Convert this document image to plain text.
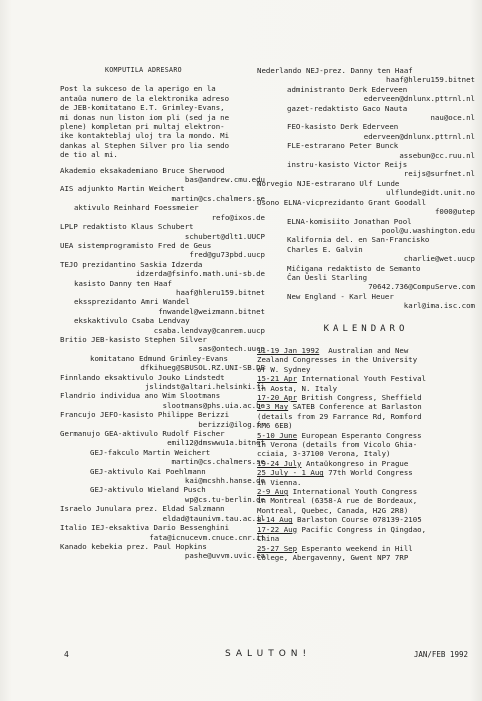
KOMPUTILA ADRESARO
Post la sukceso de la aperigo en la
antaŭa numero de la elektronika adreso
de JEB-komitatano E.T. Grimley-Evans,
mi donas nun liston iom pli (sed ja ne
plene) kompletan pri multaj elektron-
ike kontakteblaj uloj tra la mondo. Mi
dankas al Stephen Silver pro lia sendo
de tio al mi.
Akademio eksakademiano Bruce Sherwood
bas@andrew.cmu.edu
AIS adjunkto Martin Weichert
martin@cs.chalmers.se
aktivulo Reinhard Foessmeier
refo@ixos.de
LPLP redaktisto Klaus Schubert
schubert@dlt1.UUCP
UEA sistemprogramisto Fred de Geus
fred@gu73pbd.uucp
TEJO prezidantino Saskia Idzerda
idzerda@fsinfo.math.uni-sb.de
kasisto Danny ten Haaf
haaf@hleru159.bitnet
ekssprezidanto Amri Wandel
fnwandel@weizmann.bitnet
ekskaktivulo Csaba Lendvay
csaba.lendvay@canrem.uucp
Britio JEB-kasisto Stephen Silver
sas@ontech.uucp
komitatano Edmund Grimley-Evans
dfkihueg@SBUSOL.RZ.UNI-SB.DE
Finnlando eksaktivulo Jouko Lindstedt
jslindst@altari.helsinki.fi
Flandrio individua ano Wim Slootmans
slootmans@phs.uia.ac.be
Francujo JEFO-kasisto Philippe Berizzi
berizzi@ilog.fr
Germanujo GEA-aktivulo Rudolf Fischer
emil12@dmswwu1a.bitnet
GEJ-fakculo Martin Weichert
martin@cs.chalmers.se
GEJ-aktivulo Kai Poehlmann
kai@mcshh.hanse.de
GEJ-aktivulo Wieland Pusch
wp@cs.tu-berlin.de
Israelo Junulara prez. Eldad Salzmann
eldad@taunivm.tau.ac.il
Italio IEJ-eksaktiva Dario Bessenghini
fata@icnucevm.cnuce.cnr.it
Kanado kebekia prez. Paul Hopkins
pashe@uvvm.uvic.ca
Nederlando NEJ-prez. Danny ten Haaf
haaf@hleru159.bitnet
administranto Derk Ederveen
ederveen@dnlunx.pttrnl.nl
gazet-redaktisto Gaco Nauta
nau@oce.nl
FEO-kasisto Derk Ederveen
ederveen@dnlunx.pttrnl.nl
FLE-estrarano Peter Bunck
assebun@cc.ruu.nl
instru-kasisto Victor Reijs
reijs@surfnet.nl
Norvegio NJE-estrarano Ulf Lunde
ulflunde@idt.unit.no
Usono ELNA-vicprezidanto Grant Goodall
f000@utep
ELNA-komisiito Jonathan Pool
pool@u.washington.edu
Kalifornia del. en San-Francisko
Charles E. Galvin
charlie@wet.uucp
Miĉigana redaktisto de Semanto
Ĉan Ŭesli Starling
70642.736@CompuServe.com
New England - Karl Heuer
karl@ima.isc.com
KALENDARO
11-19 Jan 1992  Australian and New
Zealand Congresses in the University
of W. Sydney
15-21 Apr International Youth Festival
in Aosta, N. Italy
17-20 Apr British Congress, Sheffield
1-3 May SATEB Conference at Barlaston
(details from 29 Farrance Rd, Romford
RM6 6EB)
5-10 June European Esperanto Congress
in Verona (details from Vicolo Ghia-
cciaia, 3-37100 Verona, Italy)
19-24 July Antaŭkongreso in Prague
25 July - 1 Aug 77th World Congress
in Vienna.
2-9 Aug International Youth Congress
in Montreal (6358-A rue de Bordeaux,
Montreal, Quebec, Canada, H2G 2R8)
8-14 Aug Barlaston Course 078139-2105
17-22 Aug Pacific Congress in Qingdao,
China
25-27 Sep Esperanto weekend in Hill
Colege, Abergavenny, Gwent NP7 7RP
4	SALUTON!	JAN/FEB 1992
